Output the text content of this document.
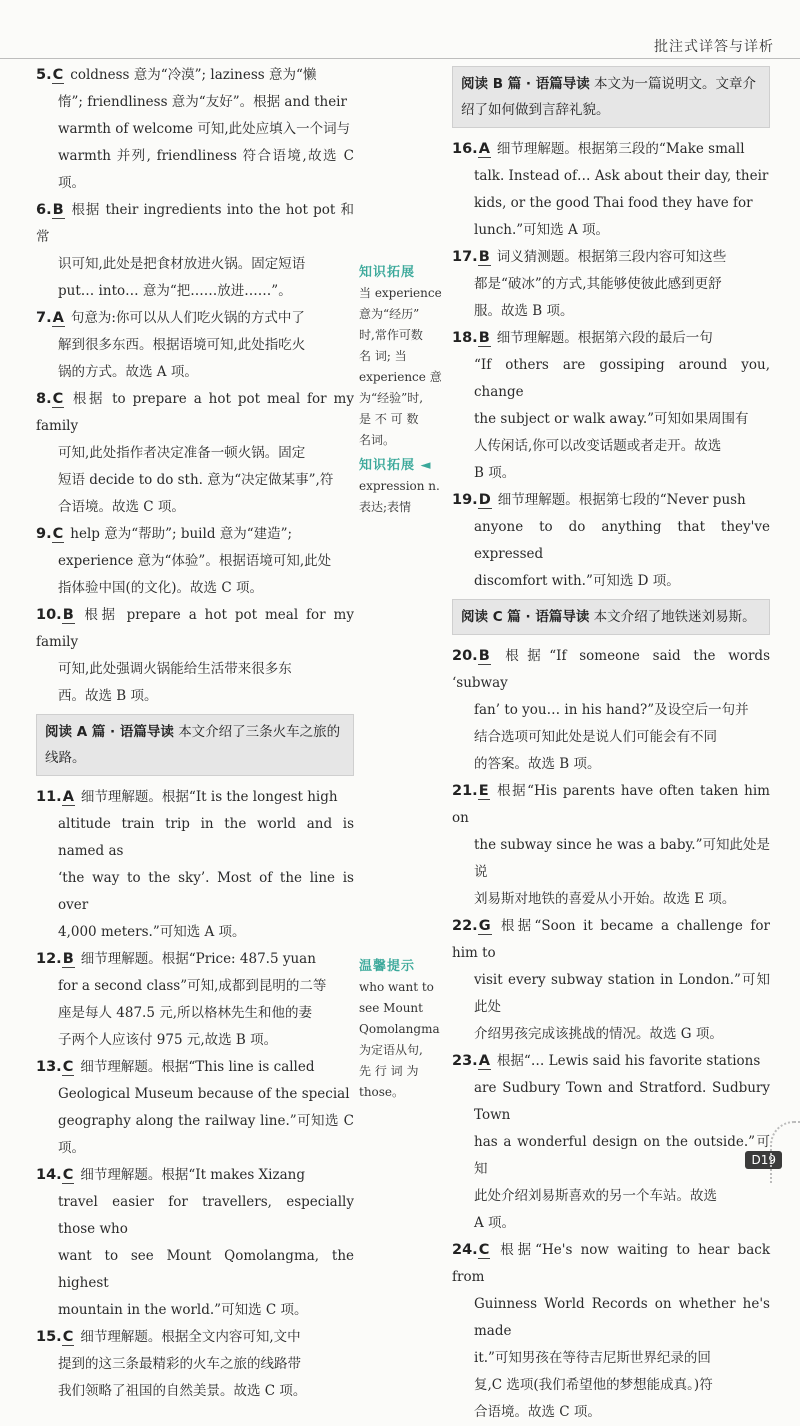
批注式详答与详析
5.C coldness 意为“冷漠”; laziness 意为“懒
惰”; friendliness 意为“友好”。根据 and their
warmth of welcome 可知,此处应填入一个词与
warmth 并列, friendliness 符合语境,故选 C 项。
6.B 根据 their ingredients into the hot pot 和常
识可知,此处是把食材放进火锅。固定短语
put… into… 意为“把……放进……”。
7.A 句意为:你可以从人们吃火锅的方式中了
解到很多东西。根据语境可知,此处指吃火
锅的方式。故选 A 项。
8.C 根据 to prepare a hot pot meal for my family
可知,此处指作者决定准备一顿火锅。固定
短语 decide to do sth. 意为“决定做某事”,符
合语境。故选 C 项。
9.C help 意为“帮助”; build 意为“建造”;
experience 意为“体验”。根据语境可知,此处
指体验中国(的文化)。故选 C 项。
10.B 根据 prepare a hot pot meal for my family
可知,此处强调火锅能给生活带来很多东
西。故选 B 项。
阅读 A 篇 · 语篇导读 本文介绍了三条火车之旅的线路。
11.A 细节理解题。根据“It is the longest high
altitude train trip in the world and is named as
‘the way to the sky’. Most of the line is over
4,000 meters.”可知选 A 项。
12.B 细节理解题。根据“Price: 487.5 yuan
for a second class”可知,成都到昆明的二等
座是每人 487.5 元,所以格林先生和他的妻
子两个人应该付 975 元,故选 B 项。
13.C 细节理解题。根据“This line is called
Geological Museum because of the special
geography along the railway line.”可知选 C 项。
14.C 细节理解题。根据“It makes Xizang
travel easier for travellers, especially those who
want to see Mount Qomolangma, the highest
mountain in the world.”可知选 C 项。
15.C 细节理解题。根据全文内容可知,文中
提到的这三条最精彩的火车之旅的线路带
我们领略了祖国的自然美景。故选 C 项。
知识拓展
当 experience
意为“经历”
时,常作可数
名 词; 当
experience 意
为“经验”时,
是 不 可 数
名词。
知识拓展 ◄
expression n.
表达;表情
温馨提示
who want to
see Mount
Qomolangma
为定语从句,
先 行 词 为
those。
阅读 B 篇 · 语篇导读 本文为一篇说明文。文章介绍了如何做到言辞礼貌。
16.A 细节理解题。根据第三段的“Make small
talk. Instead of… Ask about their day, their
kids, or the good Thai food they have for
lunch.”可知选 A 项。
17.B 词义猜测题。根据第三段内容可知这些
都是“破冰”的方式,其能够使彼此感到更舒
服。故选 B 项。
18.B 细节理解题。根据第六段的最后一句
“If others are gossiping around you, change
the subject or walk away.”可知如果周围有
人传闲话,你可以改变话题或者走开。故选
B 项。
19.D 细节理解题。根据第七段的“Never push
anyone to do anything that they've expressed
discomfort with.”可知选 D 项。
阅读 C 篇 · 语篇导读 本文介绍了地铁迷刘易斯。
20.B 根据“If someone said the words ‘subway
fan’ to you… in his hand?”及设空后一句并
结合选项可知此处是说人们可能会有不同
的答案。故选 B 项。
21.E 根据“His parents have often taken him on
the subway since he was a baby.”可知此处是说
刘易斯对地铁的喜爱从小开始。故选 E 项。
22.G 根据“Soon it became a challenge for him to
visit every subway station in London.”可知此处
介绍男孩完成该挑战的情况。故选 G 项。
23.A 根据“… Lewis said his favorite stations
are Sudbury Town and Stratford. Sudbury Town
has a wonderful design on the outside.”可知
此处介绍刘易斯喜欢的另一个车站。故选
A 项。
24.C 根据“He's now waiting to hear back from
Guinness World Records on whether he's made
it.”可知男孩在等待吉尼斯世界纪录的回
复,C 选项(我们希望他的梦想能成真。)符
合语境。故选 C 项。
D19
